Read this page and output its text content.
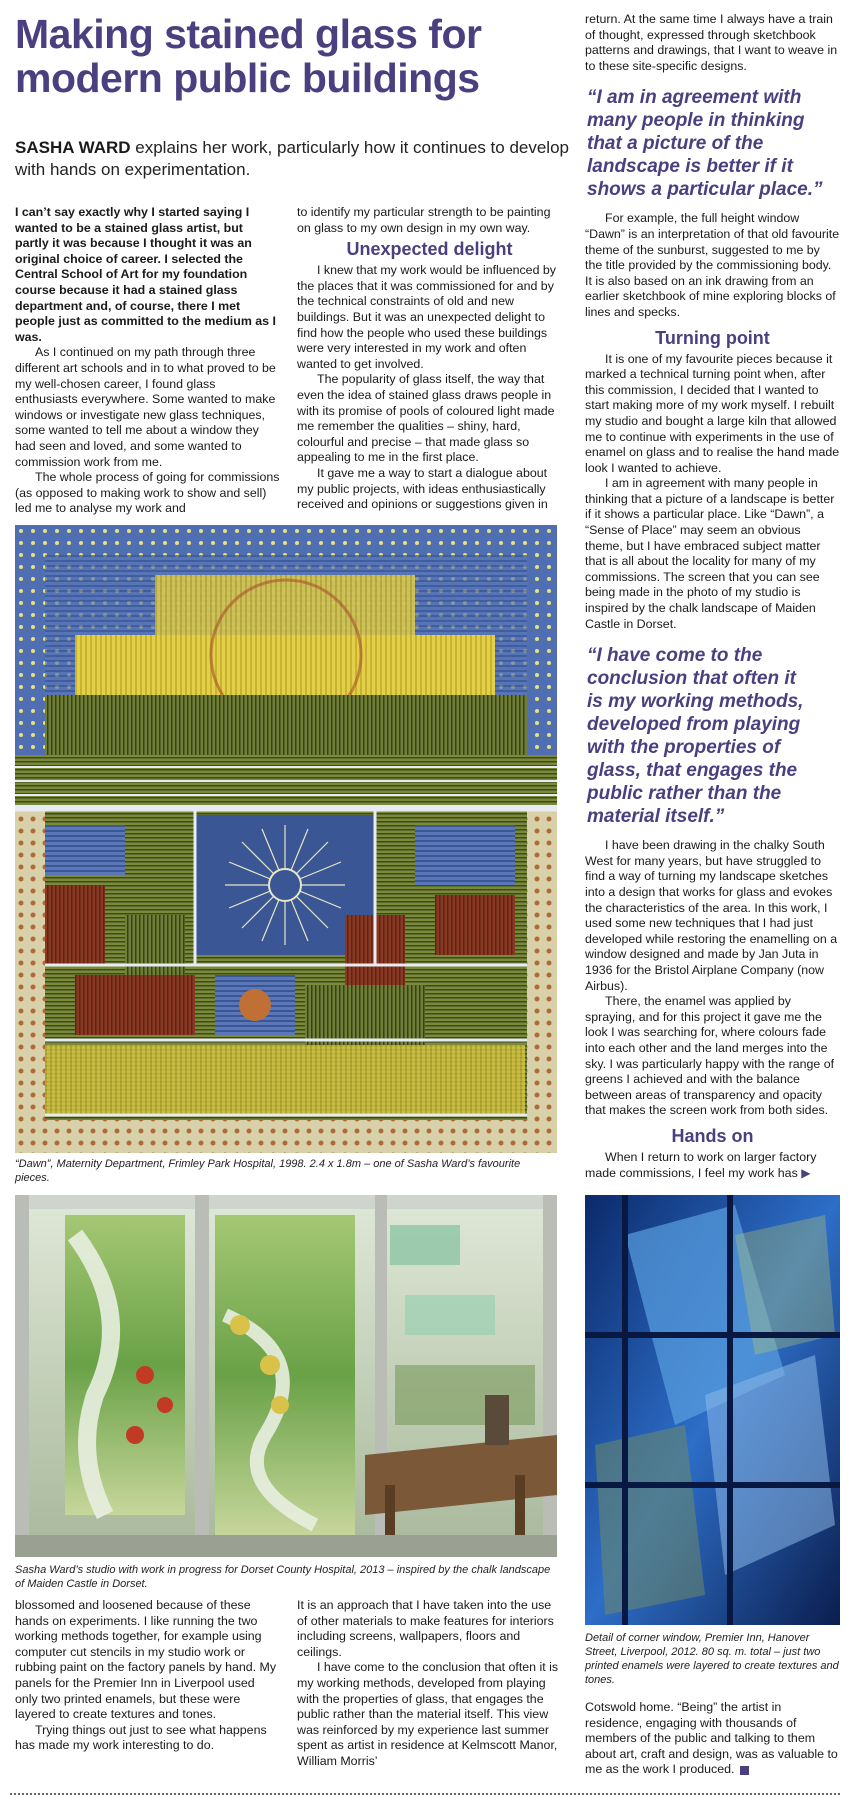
Making stained glass for modern public buildings
SASHA WARD explains her work, particularly how it continues to develop with hands on experimentation.

I can’t say exactly why I started saying I wanted to be a stained glass artist, but partly it was because I thought it was an original choice of career. I selected the Central School of Art for my foundation course because it had a stained glass department and, of course, there I met people just as committed to the medium as I was.

As I continued on my path through three different art schools and in to what proved to be my well-chosen career, I found glass enthusiasts everywhere. Some wanted to make windows or investigate new glass techniques, some wanted to tell me about a window they had seen and loved, and some wanted to commission work from me.

The whole process of going for commissions (as opposed to making work to show and sell) led me to analyse my work and

to identify my particular strength to be painting on glass to my own design in my own way.

Unexpected delight

I knew that my work would be influenced by the places that it was commissioned for and by the technical constraints of old and new buildings. But it was an unexpected delight to find how the people who used these buildings were very interested in my work and often wanted to get involved.

The popularity of glass itself, the way that even the idea of stained glass draws people in with its promise of pools of coloured light made me remember the qualities – shiny, hard, colourful and precise – that made glass so appealing to me in the first place.

It gave me a way to start a dialogue about my public projects, with ideas enthusiastically received and opinions or suggestions given in

return. At the same time I always have a train of thought, expressed through sketchbook patterns and drawings, that I want to weave in to these site-specific designs.

“I am in agreement with
many people in thinking
that a picture of the
landscape is better if it
shows a particular place.”

For example, the full height window “Dawn” is an interpretation of that old favourite theme of the sunburst, suggested to me by the title provided by the commissioning body. It is also based on an ink drawing from an earlier sketchbook of mine exploring blocks of lines and specks.

Turning point

It is one of my favourite pieces because it marked a technical turning point when, after this commission, I decided that I wanted to start making more of my work myself. I rebuilt my studio and bought a large kiln that allowed me to continue with experiments in the use of enamel on glass and to realise the hand made look I wanted to achieve.

I am in agreement with many people in thinking that a picture of a landscape is better if it shows a particular place. Like “Dawn”, a “Sense of Place” may seem an obvious theme, but I have embraced subject matter that is all about the locality for many of my commissions. The screen that you can see being made in the photo of my studio is inspired by the chalk landscape of Maiden Castle in Dorset.

“I have come to the
conclusion that often it
is my working methods,
developed from playing
with the properties of
glass, that engages the
public rather than the
material itself.”

I have been drawing in the chalky South West for many years, but have struggled to find a way of turning my landscape sketches into a design that works for glass and evokes the characteristics of the area. In this work, I used some new techniques that I had just developed while restoring the enamelling on a window designed and made by Jan Juta in 1936 for the Bristol Airplane Company (now Airbus).

There, the enamel was applied by spraying, and for this project it gave me the look I was searching for, where colours fade into each other and the land merges into the sky. I was particularly happy with the range of greens I achieved and with the balance between areas of transparency and opacity that makes the screen work from both sides.

Hands on

When I return to work on larger factory made commissions, I feel my work has ▶

“Dawn”, Maternity Department, Frimley Park Hospital, 1998. 2.4 x 1.8m – one of Sasha Ward’s favourite pieces.
Sasha Ward’s studio with work in progress for Dorset County Hospital, 2013 – inspired by the chalk landscape of Maiden Castle in Dorset.
Detail of corner window, Premier Inn, Hanover Street, Liverpool, 2012. 80 sq. m. total – just two printed enamels were layered to create textures and tones.

blossomed and loosened because of these hands on experiments. I like running the two working methods together, for example using computer cut stencils in my studio work or rubbing paint on the factory panels by hand. My panels for the Premier Inn in Liverpool used only two printed enamels, but these were layered to create textures and tones.

Trying things out just to see what happens has made my work interesting to do.

It is an approach that I have taken into the use of other materials to make features for interiors including screens, wallpapers, floors and ceilings.

I have come to the conclusion that often it is my working methods, developed from playing with the properties of glass, that engages the public rather than the material itself. This view was reinforced by my experience last summer spent as artist in residence at Kelmscott Manor, William Morris’

Cotswold home. “Being” the artist in residence, engaging with thousands of members of the public and talking to them about art, craft and design, was as valuable to me as the work I produced.
